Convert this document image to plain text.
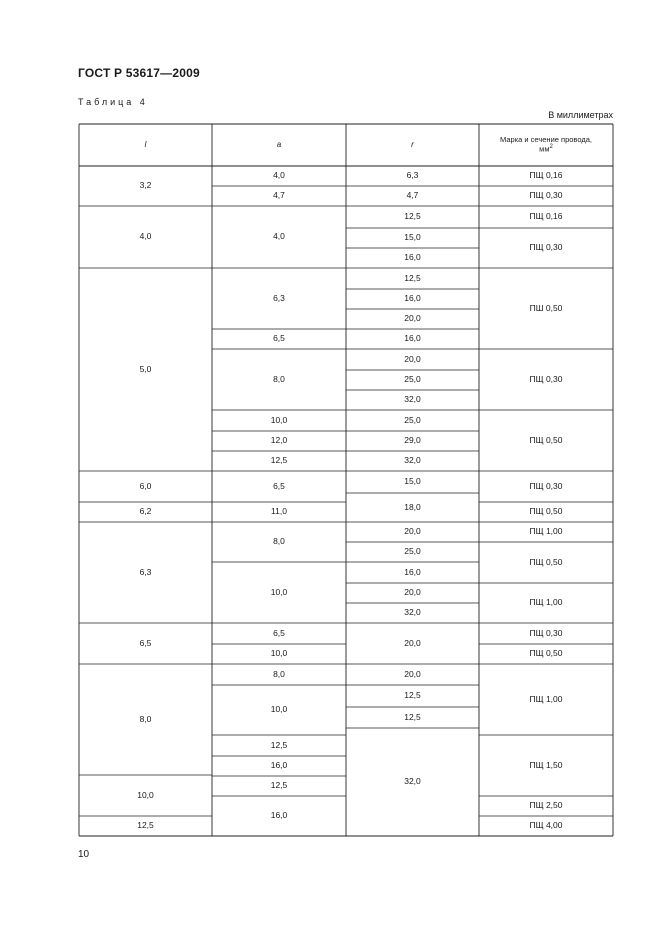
ГОСТ Р 53617—2009
Таблица 4
В миллиметрах
l	a	r
Марка и сечение провода,
$мм^2$
3,2
4,0
5,0
6,0
6,2
6,3
6,5
8,0
10,0
12,5
4,0
4,7
4,0
6,3
6,5
8,0
10,0
12,0
12,5
6,5
11,0
8,0
10,0
6,5
10,0
8,0
10,0
12,5
16,0
12,5
16,0
6,3
4,7
12,5
15,0
16,0
12,5
16,0
20,0
16,0
20,0
25,0
32,0
25,0
29,0
32,0
15,0
18,0
20,0
25,0
16,0
20,0
32,0
20,0
20,0
12,5
12,5
32,0
ПЩ 0,16
ПЩ 0,30
ПЩ 0,16
ПЩ 0,30
ПШ 0,50
ПЩ 0,30
ПЩ 0,50
ПЩ 0,30
ПЩ 0,50
ПЩ 1,00
ПЩ 0,50
ПЩ 1,00
ПЩ 0,30
ПЩ 0,50
ПЩ 1,00
ПЩ 1,50
ПЩ 2,50
ПЩ 4,00
10
